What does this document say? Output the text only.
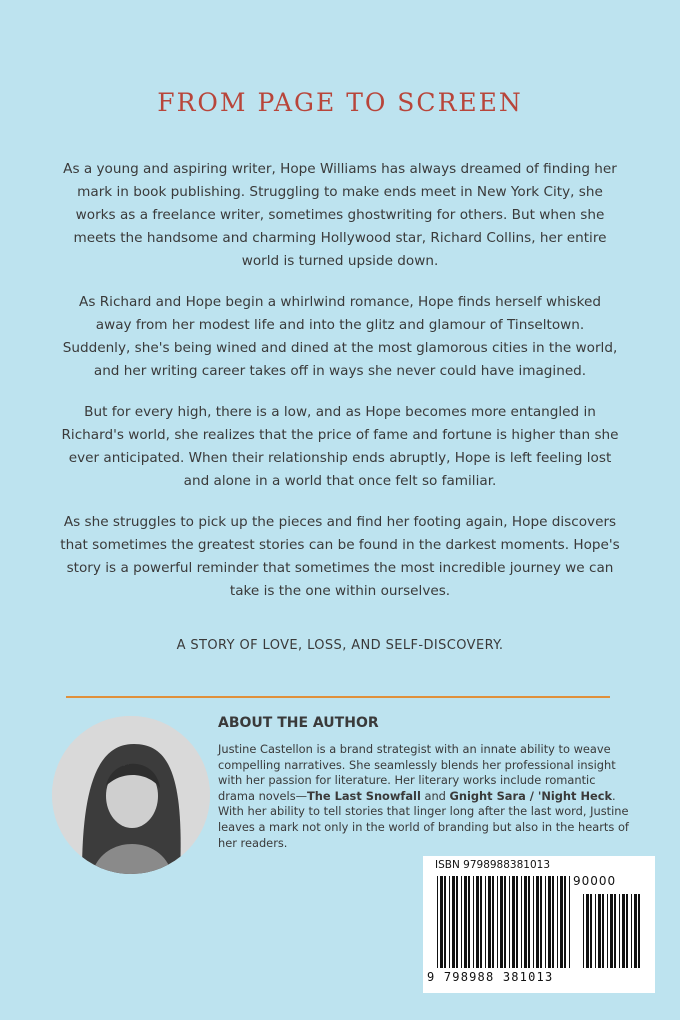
FROM PAGE TO SCREEN

As a young and aspiring writer, Hope Williams has always dreamed of finding her mark in book publishing. Struggling to make ends meet in New York City, she works as a freelance writer, sometimes ghostwriting for others. But when she meets the handsome and charming Hollywood star, Richard Collins, her entire world is turned upside down.

As Richard and Hope begin a whirlwind romance, Hope finds herself whisked away from her modest life and into the glitz and glamour of Tinseltown. Suddenly, she's being wined and dined at the most glamorous cities in the world, and her writing career takes off in ways she never could have imagined.

But for every high, there is a low, and as Hope becomes more entangled in Richard's world, she realizes that the price of fame and fortune is higher than she ever anticipated. When their relationship ends abruptly, Hope is left feeling lost and alone in a world that once felt so familiar.

As she struggles to pick up the pieces and find her footing again, Hope discovers that sometimes the greatest stories can be found in the darkest moments. Hope's story is a powerful reminder that sometimes the most incredible journey we can take is the one within ourselves.

A STORY OF LOVE, LOSS, AND SELF-DISCOVERY.
ABOUT THE AUTHOR
Justine Castellon is a brand strategist with an innate ability to weave compelling narratives. She seamlessly blends her professional insight with her passion for literature. Her literary works include romantic drama novels—The Last Snowfall and Gnight Sara / 'Night Heck. With her ability to tell stories that linger long after the last word, Justine leaves a mark not only in the world of branding but also in the hearts of her readers.
ISBN 9798988381013
9 798988 381013
90000
